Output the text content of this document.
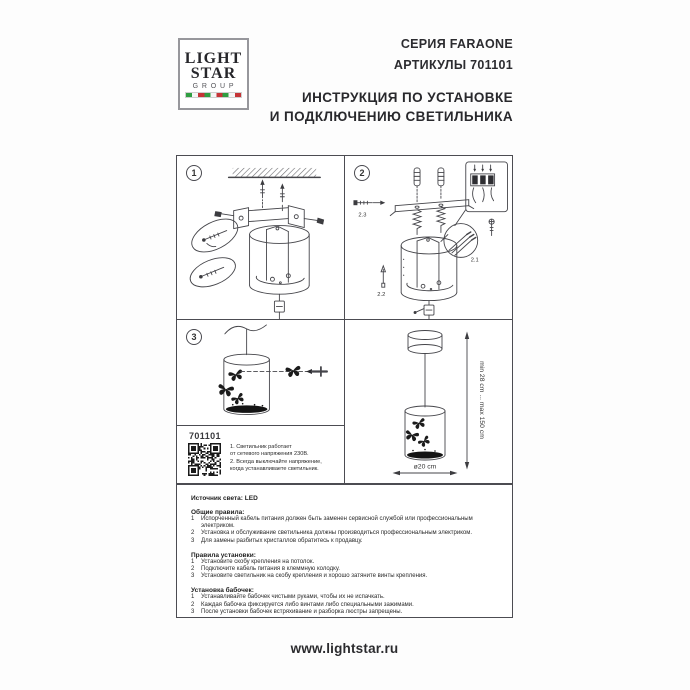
LIGHT
STAR
GROUP
СЕРИЯ FARAONE
АРТИКУЛЫ 701101
ИНСТРУКЦИЯ ПО УСТАНОВКЕ
И ПОДКЛЮЧЕНИЮ СВЕТИЛЬНИКА
1	2
2.3
2.1
2.2
3
701101
1. Светильник работает
от сетевого напряжения 230В.
2. Всегда выключайте напряжение,
когда устанавливаете светильник.
min 28 cm ... max 150 cm
ø20 cm
Источник света: LED
Общие правила:
1	Испорченный кабель питания должен быть заменен сервисной службой или профессиональным электриком.
2	Установка и обслуживание светильника должны производиться профессиональным электриком.
3	Для замены разбитых кристаллов обратитесь к продавцу.
Правила установки:
1	Установите скобу крепления на потолок.
2	Подключите кабель питания в клеммную колодку.
3	Установите светильник на скобу крепления и хорошо затяните винты крепления.
Установка бабочек:
1	Устанавливайте бабочек чистыми руками, чтобы их не испачкать.
2	Каждая бабочка фиксируется либо винтами либо специальными зажимами.
3	После установки бабочек встряхивание и разборка люстры запрещены.
www.lightstar.ru
